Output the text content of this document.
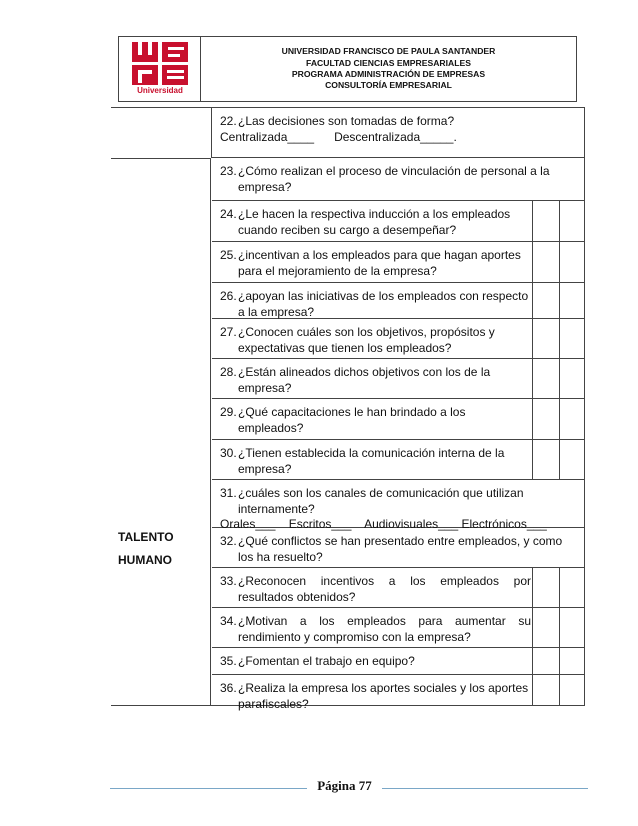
Universidad
UNIVERSIDAD FRANCISCO DE PAULA SANTANDER
FACULTAD CIENCIAS EMPRESARIALES
PROGRAMA ADMINISTRACIÓN DE EMPRESAS
CONSULTORÍA EMPRESARIAL
TALENTO
HUMANO
22.¿Las decisiones son tomadas de forma?
Centralizada____      Descentralizada_____.
23.¿Cómo realizan el proceso de vinculación de personal a la empresa?
24.¿Le hacen la respectiva inducción a los empleados cuando reciben su cargo a desempeñar?
25.¿incentivan a los empleados para que hagan aportes para el mejoramiento de la empresa?
26.¿apoyan las iniciativas de los empleados con respecto a la empresa?
27.¿Conocen cuáles son los objetivos, propósitos y expectativas que tienen los empleados?
28.¿Están alineados dichos objetivos con los de la empresa?
29.¿Qué capacitaciones le han brindado a los empleados?
30.¿Tienen establecida la comunicación interna de la empresa?
31.¿cuáles son los canales de comunicación que utilizan internamente?
Orales___    Escritos___    Audiovisuales___ Electrónicos___
32.¿Qué conflictos se han presentado entre empleados, y como los ha resuelto?
33.¿Reconocen incentivos a los empleados por resultados obtenidos?
34.¿Motivan a los empleados para aumentar su rendimiento y compromiso con la empresa?
35.¿Fomentan el trabajo en equipo?
36.¿Realiza la empresa los aportes sociales y los aportes parafiscales?
Página 77
